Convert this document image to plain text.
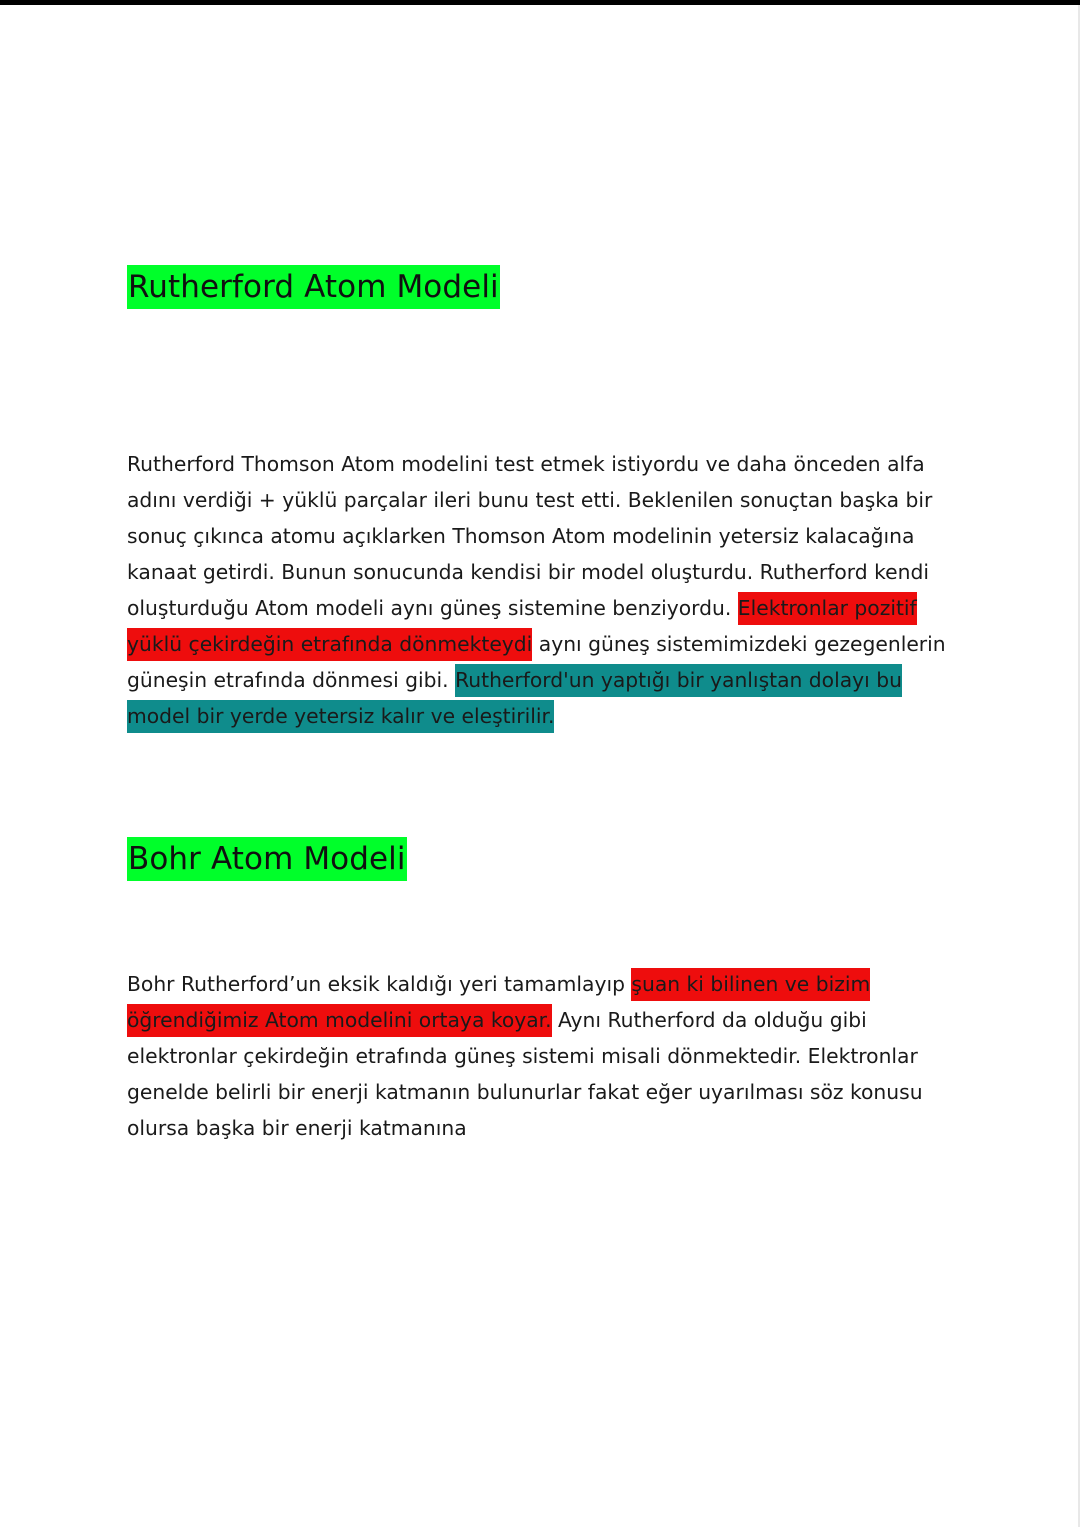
Rutherford Atom Modeli

Rutherford Thomson Atom modelini test etmek istiyordu ve daha önceden alfa adını verdiği + yüklü parçalar ileri bunu test etti. Beklenilen sonuçtan başka bir sonuç çıkınca atomu açıklarken Thomson Atom modelinin yetersiz kalacağına kanaat getirdi. Bunun sonucunda kendisi bir model oluşturdu. Rutherford kendi oluşturduğu Atom modeli aynı güneş sistemine benziyordu. Elektronlar pozitif yüklü çekirdeğin etrafında dönmekteydi aynı güneş sistemimizdeki gezegenlerin güneşin etrafında dönmesi gibi. Rutherford'un yaptığı bir yanlıştan dolayı bu model bir yerde yetersiz kalır ve eleştirilir.

Bohr Atom Modeli

Bohr Rutherford’un eksik kaldığı yeri tamamlayıp şuan ki bilinen ve bizim öğrendiğimiz Atom modelini ortaya koyar. Aynı Rutherford da olduğu gibi elektronlar çekirdeğin etrafında güneş sistemi misali dönmektedir. Elektronlar genelde belirli bir enerji katmanın bulunurlar fakat eğer uyarılması söz konusu olursa başka bir enerji katmanına
